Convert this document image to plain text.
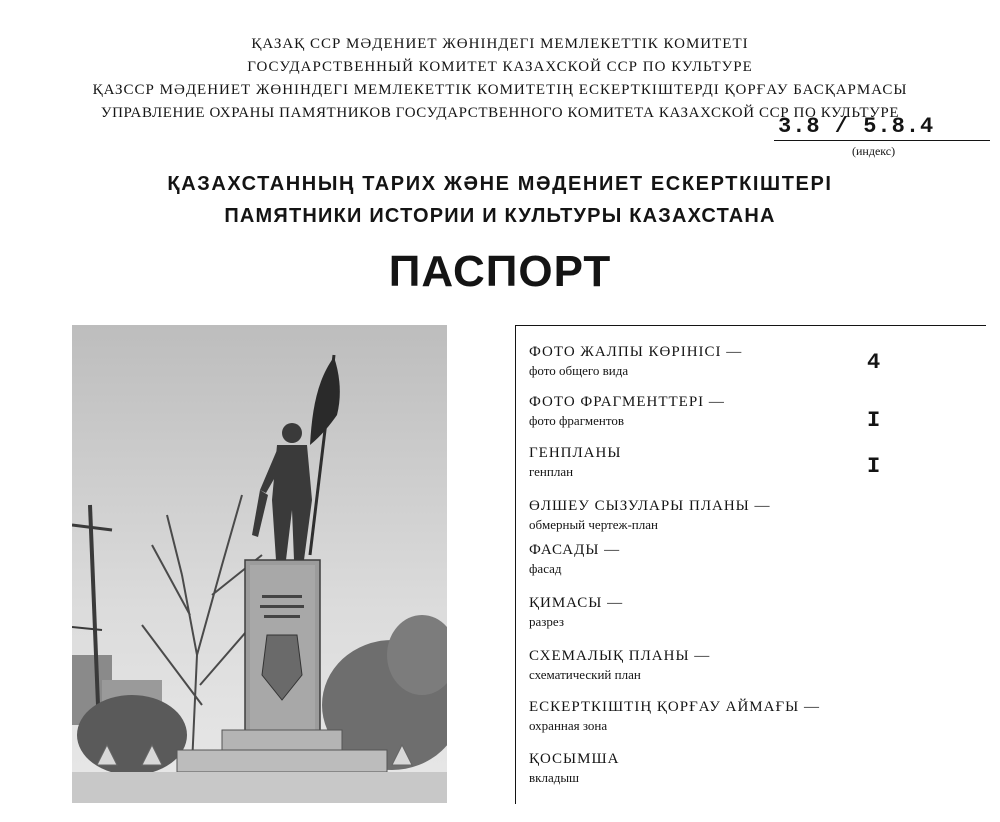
ҚАЗАҚ ССР МӘДЕНИЕТ ЖӨНІНДЕГІ МЕМЛЕКЕТТІК КОМИТЕТІ
ГОСУДАРСТВЕННЫЙ КОМИТЕТ КАЗАХСКОЙ ССР ПО КУЛЬТУРЕ
ҚАЗССР МӘДЕНИЕТ ЖӨНІНДЕГІ МЕМЛЕКЕТТІК КОМИТЕТІҢ ЕСКЕРТКІШТЕРДІ ҚОРҒАУ БАСҚАРМАСЫ
УПРАВЛЕНИЕ ОХРАНЫ ПАМЯТНИКОВ ГОСУДАРСТВЕННОГО КОМИТЕТА КАЗАХСКОЙ ССР ПО КУЛЬТУРЕ
3.8 / 5.8.4
(индекс)
ҚАЗАХСТАННЫҢ ТАРИХ ЖӘНЕ МӘДЕНИЕТ ЕСКЕРТКІШТЕРІ
ПАМЯТНИКИ ИСТОРИИ И КУЛЬТУРЫ КАЗАХСТАНА
ПАСПОРТ
ФОТО ЖАЛПЫ КӨРІНІСІ —
фото общего вида	4
ФОТО ФРАГМЕНТТЕРІ —
фото фрагментов	I
ГЕНПЛАНЫ
генплан	I
ӨЛШЕУ СЫЗУЛАРЫ ПЛАНЫ —
обмерный чертеж-план
ФАСАДЫ —
фасад
ҚИМАСЫ —
разрез
СХЕМАЛЫҚ ПЛАНЫ —
схематический план
ЕСКЕРТКІШТІҢ ҚОРҒАУ АЙМАҒЫ —
охранная зона
ҚОСЫМША
вкладыш
